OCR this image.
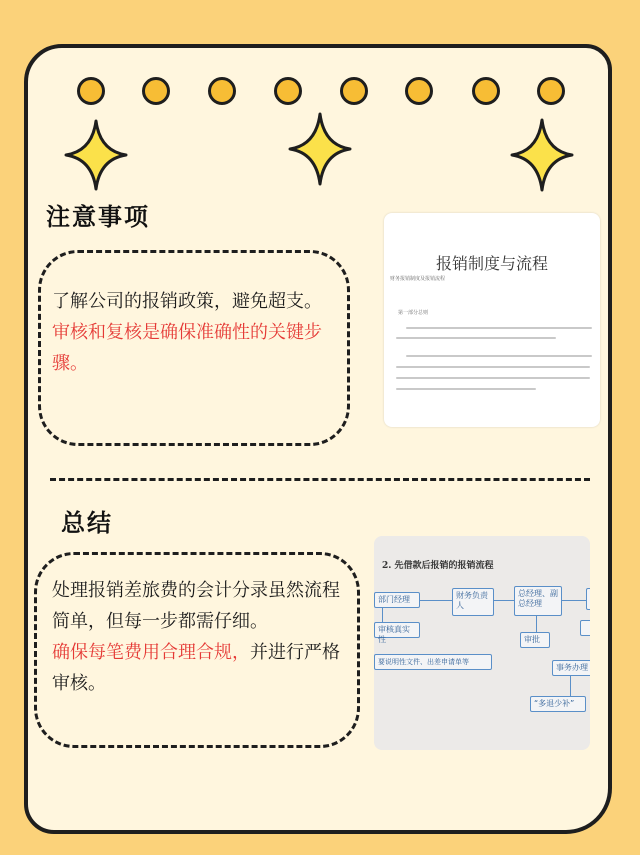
注意事项
了解公司的报销政策，避免超支。
审核和复核是确保准确性的关键步骤。
报销制度与流程
财务报销制度及报销流程
第一部分总则
总结
处理报销差旅费的会计分录虽然流程简单，但每一步都需仔细。
确保每笔费用合理合规，并进行严格审核。
2. 先借款后报销的报销流程
部门经理	财务负责人
总经理、副总经理
审核真实性	审批
要说明性文件、出差申请单等
事务办理
“多退少补”
